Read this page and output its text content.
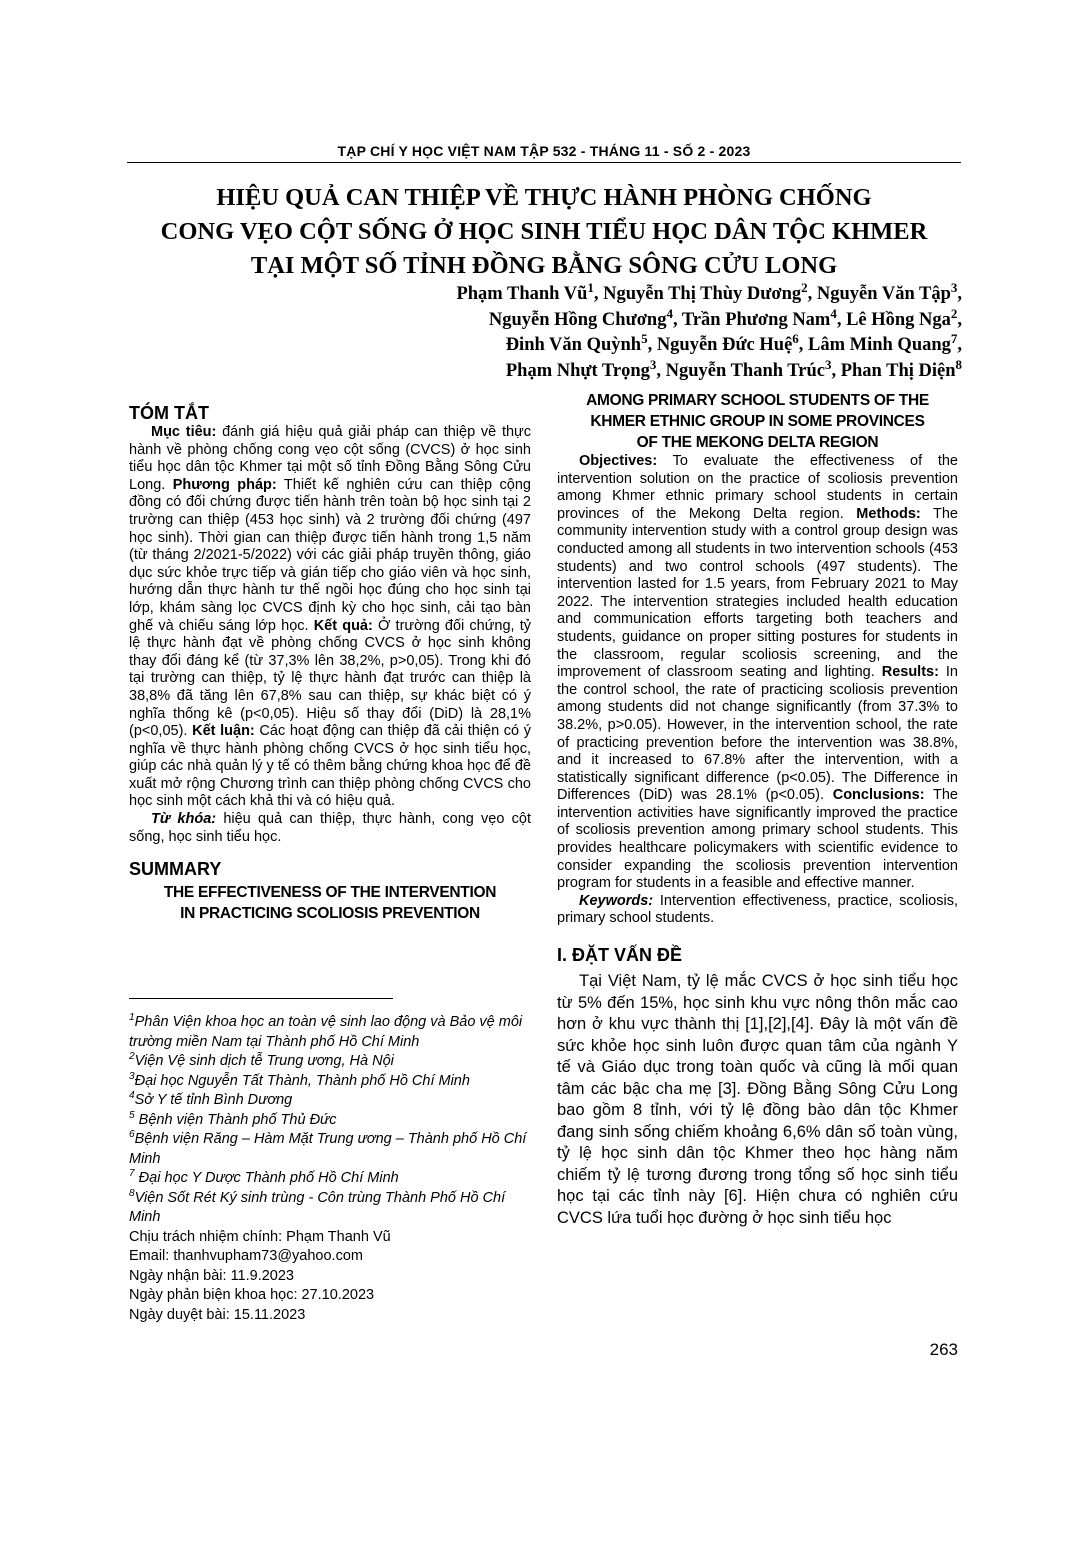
TẠP CHÍ Y HỌC VIỆT NAM TẬP 532 - THÁNG 11 - SỐ 2 - 2023
HIỆU QUẢ CAN THIỆP VỀ THỰC HÀNH PHÒNG CHỐNG
CONG VẸO CỘT SỐNG Ở HỌC SINH TIỂU HỌC DÂN TỘC KHMER
TẠI MỘT SỐ TỈNH ĐỒNG BẰNG SÔNG CỬU LONG
Phạm Thanh $Vũ^1$, Nguyễn Thị Thùy Dương$^2$, Nguyễn Văn Tập$^3$,
Nguyễn Hồng Chương$^4$, Trần Phương Nam$^4$, Lê Hồng Nga$^2$,
Đinh Văn Quỳnh$^5$, Nguyễn Đức Huệ$^6$, Lâm Minh Quang$^7$,
Phạm Nhựt Trọng$^3$, Nguyễn Thanh Trúc$^3$, Phan Thị Diện$^8$
TÓM TẮT

Mục tiêu: đánh giá hiệu quả giải pháp can thiệp về thực hành về phòng chống cong vẹo cột sống (CVCS) ở học sinh tiểu học dân tộc Khmer tại một số tỉnh Đồng Bằng Sông Cửu Long. Phương pháp: Thiết kế nghiên cứu can thiệp cộng đồng có đối chứng được tiến hành trên toàn bộ học sinh tại 2 trường can thiệp (453 học sinh) và 2 trường đối chứng (497 học sinh). Thời gian can thiệp được tiến hành trong 1,5 năm (từ tháng 2/2021-5/2022) với các giải pháp truyền thông, giáo dục sức khỏe trực tiếp và gián tiếp cho giáo viên và học sinh, hướng dẫn thực hành tư thế ngồi học đúng cho học sinh tại lớp, khám sàng lọc CVCS định kỳ cho học sinh, cải tạo bàn ghế và chiếu sáng lớp học. Kết quả: Ở trường đối chứng, tỷ lệ thực hành đạt về phòng chống CVCS ở học sinh không thay đổi đáng kể (từ 37,3% lên 38,2%, p>0,05). Trong khi đó tại trường can thiệp, tỷ lệ thực hành đạt trước can thiệp là 38,8% đã tăng lên 67,8% sau can thiệp, sự khác biệt có ý nghĩa thống kê (p<0,05). Hiệu số thay đổi (DiD) là 28,1% (p<0,05). Kết luận: Các hoạt động can thiệp đã cải thiện có ý nghĩa về thực hành phòng chống CVCS ở học sinh tiểu học, giúp các nhà quản lý y tế có thêm bằng chứng khoa học để đề xuất mở rộng Chương trình can thiệp phòng chống CVCS cho học sinh một cách khả thi và có hiệu quả.

Từ khóa: hiệu quả can thiệp, thực hành, cong vẹo cột sống, học sinh tiểu học.

SUMMARY
THE EFFECTIVENESS OF THE INTERVENTION
IN PRACTICING SCOLIOSIS PREVENTION
$^1$Phân Viện khoa học an toàn vệ sinh lao động và Bảo vệ môi trường miền Nam tại Thành phố Hồ Chí Minh
$^2$Viện Vệ sinh dịch tễ Trung ương, Hà Nội
$^3$Đại học Nguyễn Tất Thành, Thành phố Hồ Chí Minh
$^4$Sở Y tế tỉnh Bình Dương
$^5$ Bệnh viện Thành phố Thủ Đức
$^6$Bệnh viện Răng – Hàm Mặt Trung ương – Thành phố Hồ Chí Minh
$^7$ Đại học Y Dược Thành phố Hồ Chí Minh
$^8$Viện Sốt Rét Ký sinh trùng - Côn trùng Thành Phố Hồ Chí Minh
Chịu trách nhiệm chính: Phạm Thanh Vũ
Email: thanhvupham73@yahoo.com
Ngày nhận bài: 11.9.2023
Ngày phản biện khoa học: 27.10.2023
Ngày duyệt bài: 15.11.2023
AMONG PRIMARY SCHOOL STUDENTS OF THE
KHMER ETHNIC GROUP IN SOME PROVINCES
OF THE MEKONG DELTA REGION

Objectives: To evaluate the effectiveness of the intervention solution on the practice of scoliosis prevention among Khmer ethnic primary school students in certain provinces of the Mekong Delta region. Methods: The community intervention study with a control group design was conducted among all students in two intervention schools (453 students) and two control schools (497 students). The intervention lasted for 1.5 years, from February 2021 to May 2022. The intervention strategies included health education and communication efforts targeting both teachers and students, guidance on proper sitting postures for students in the classroom, regular scoliosis screening, and the improvement of classroom seating and lighting. Results: In the control school, the rate of practicing scoliosis prevention among students did not change significantly (from 37.3% to 38.2%, p>0.05). However, in the intervention school, the rate of practicing prevention before the intervention was 38.8%, and it increased to 67.8% after the intervention, with a statistically significant difference (p<0.05). The Difference in Differences (DiD) was 28.1% (p<0.05). Conclusions: The intervention activities have significantly improved the practice of scoliosis prevention among primary school students. This provides healthcare policymakers with scientific evidence to consider expanding the scoliosis prevention intervention program for students in a feasible and effective manner.

Keywords: Intervention effectiveness, practice, scoliosis, primary school students.

I. ĐẶT VẤN ĐỀ

Tại Việt Nam, tỷ lệ mắc CVCS ở học sinh tiểu học từ 5% đến 15%, học sinh khu vực nông thôn mắc cao hơn ở khu vực thành thị [1],[2],[4]. Đây là một vấn đề sức khỏe học sinh luôn được quan tâm của ngành Y tế và Giáo dục trong toàn quốc và cũng là mối quan tâm các bậc cha mẹ [3]. Đồng Bằng Sông Cửu Long bao gồm 8 tỉnh, với tỷ lệ đồng bào dân tộc Khmer đang sinh sống chiếm khoảng 6,6% dân số toàn vùng, tỷ lệ học sinh dân tộc Khmer theo học hàng năm chiếm tỷ lệ tương đương trong tổng số học sinh tiểu học tại các tỉnh này [6]. Hiện chưa có nghiên cứu CVCS lứa tuổi học đường ở học sinh tiểu học

263
